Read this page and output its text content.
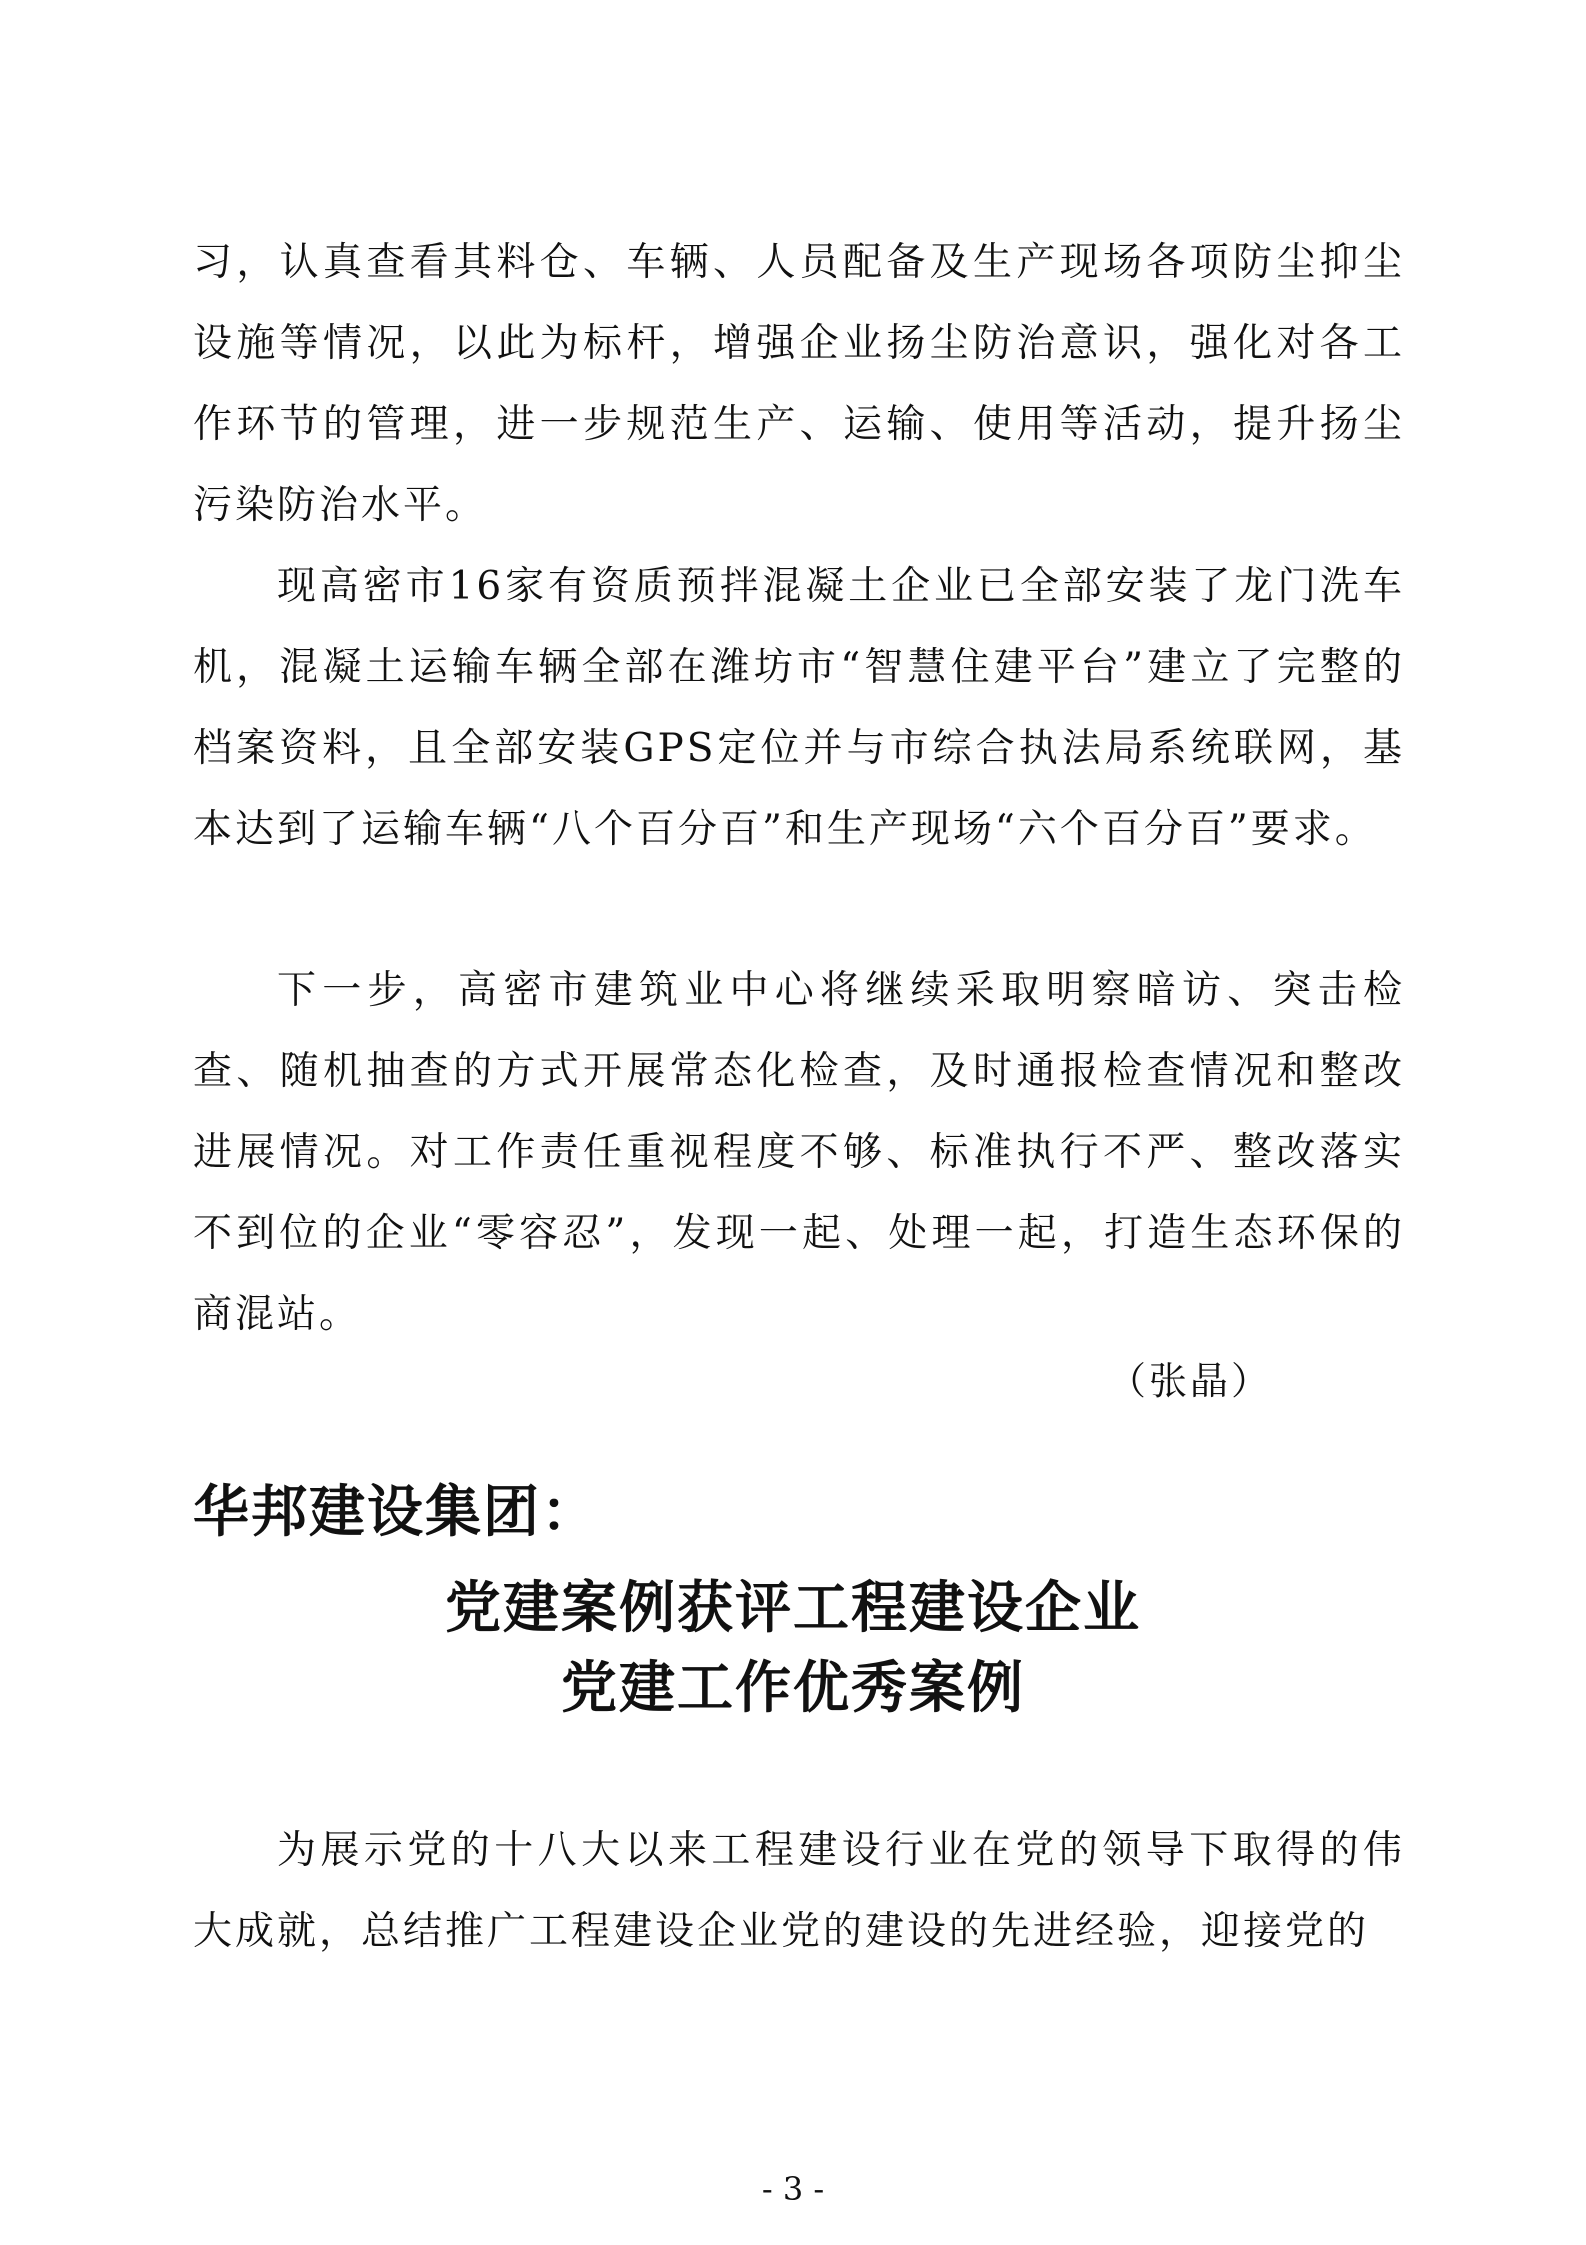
习，认真查看其料仓、车辆、人员配备及生产现场各项防尘抑尘设施等情况，以此为标杆，增强企业扬尘防治意识，强化对各工作环节的管理，进一步规范生产、运输、使用等活动，提升扬尘污染防治水平。

现高密市16家有资质预拌混凝土企业已全部安装了龙门洗车机，混凝土运输车辆全部在潍坊市“智慧住建平台”建立了完整的档案资料，且全部安装GPS定位并与市综合执法局系统联网，基本达到了运输车辆“八个百分百”和生产现场“六个百分百”要求。

下一步，高密市建筑业中心将继续采取明察暗访、突击检查、随机抽查的方式开展常态化检查，及时通报检查情况和整改进展情况。对工作责任重视程度不够、标准执行不严、整改落实不到位的企业“零容忍”，发现一起、处理一起，打造生态环保的商混站。

（张晶）

华邦建设集团：
党建案例获评工程建设企业
党建工作优秀案例

为展示党的十八大以来工程建设行业在党的领导下取得的伟大成就，总结推广工程建设企业党的建设的先进经验，迎接党的

- 3 -
